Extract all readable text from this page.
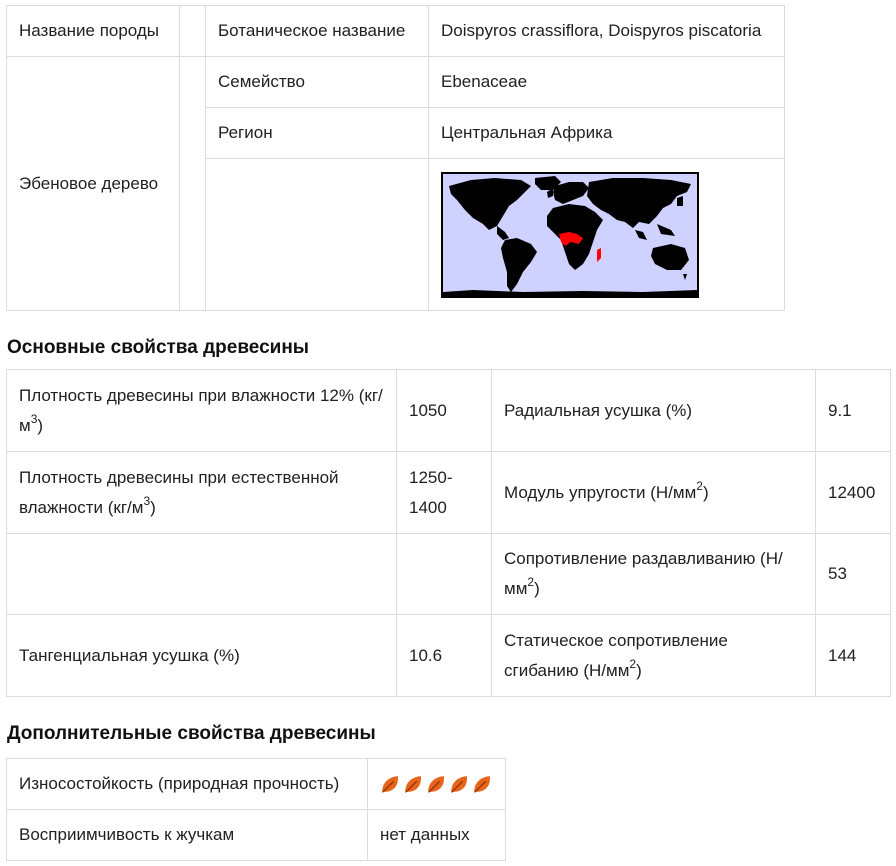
Название породы		Ботаническое название	Doispyros crassiflora, Doispyros piscatoria
Эбеновое дерево		Семейство	Ebenaceae
		Регион	Центральная Африка

Основные свойства древесины
Плотность древесины при влажности 12% $(кг/м^3)$	1050	Радиальная усушка (%)	9.1
Плотность древесины при естественной влажности $(кг/м^3)$	1250-1400	Модуль упругости $(Н/мм^2)$	12400
		Сопротивление раздавливанию $(Н/мм^2)$	53
Тангенциальная усушка (%)	10.6	Статическое сопротивление сгибанию $(Н/мм^2)$	144
Дополнительные свойства древесины
Износостойкость (природная прочность)	

Восприимчивость к жучкам	нет данных
